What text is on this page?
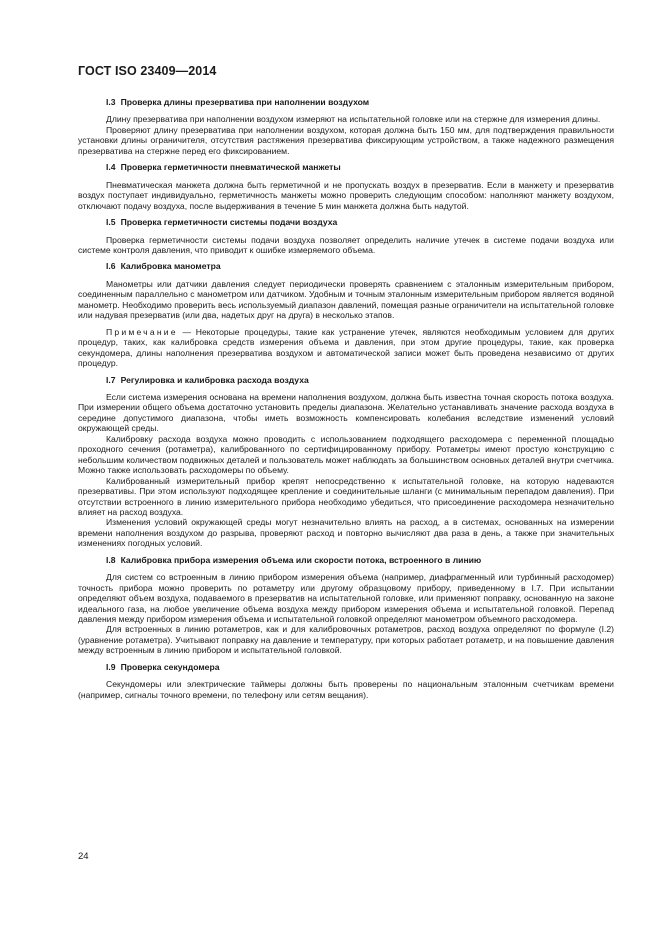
ГОСТ ISO 23409—2014
I.3 Проверка длины презерватива при наполнении воздухом

Длину презерватива при наполнении воздухом измеряют на испытательной головке или на стержне для измерения длины.

Проверяют длину презерватива при наполнении воздухом, которая должна быть 150 мм, для подтверждения правильности установки длины ограничителя, отсутствия растяжения презерватива фиксирующим устройством, а также надежного размещения презерватива на стержне перед его фиксированием.

I.4 Проверка герметичности пневматической манжеты

Пневматическая манжета должна быть герметичной и не пропускать воздух в презерватив. Если в манжету и презерватив воздух поступает индивидуально, герметичность манжеты можно проверить следующим способом: наполняют манжету воздухом, отключают подачу воздуха, после выдерживания в течение 5 мин манжета должна быть надутой.

I.5 Проверка герметичности системы подачи воздуха

Проверка герметичности системы подачи воздуха позволяет определить наличие утечек в системе подачи воздуха или системе контроля давления, что приводит к ошибке измеряемого объема.

I.6 Калибровка манометра

Манометры или датчики давления следует периодически проверять сравнением с эталонным измерительным прибором, соединенным параллельно с манометром или датчиком. Удобным и точным эталонным измерительным прибором является водяной манометр. Необходимо проверить весь используемый диапазон давлений, помещая разные ограничители на испытательной головке или надувая презерватив (или два, надетых друг на друга) в несколько этапов.

Примечание — Некоторые процедуры, такие как устранение утечек, являются необходимым условием для других процедур, таких, как калибровка средств измерения объема и давления, при этом другие процедуры, такие, как проверка секундомера, длины наполнения презерватива воздухом и автоматической записи может быть проведена независимо от других процедур.

I.7 Регулировка и калибровка расхода воздуха

Если система измерения основана на времени наполнения воздухом, должна быть известна точная скорость потока воздуха. При измерении общего объема достаточно установить пределы диапазона. Желательно устанавливать значение расхода воздуха в середине допустимого диапазона, чтобы иметь возможность компенсировать колебания вследствие изменений условий окружающей среды.

Калибровку расхода воздуха можно проводить с использованием подходящего расходомера с переменной площадью проходного сечения (ротаметра), калиброванного по сертифицированному прибору. Ротаметры имеют простую конструкцию с небольшим количеством подвижных деталей и пользователь может наблюдать за большинством основных деталей внутри счетчика. Можно также использовать расходомеры по объему.

Калиброванный измерительный прибор крепят непосредственно к испытательной головке, на которую надеваются презервативы. При этом используют подходящее крепление и соединительные шланги (с минимальным перепадом давления). При отсутствии встроенного в линию измерительного прибора необходимо убедиться, что присоединение расходомера незначительно влияет на расход воздуха.

Изменения условий окружающей среды могут незначительно влиять на расход, а в системах, основанных на измерении времени наполнения воздухом до разрыва, проверяют расход и повторно вычисляют два раза в день, а также при значительных изменениях погодных условий.

I.8 Калибровка прибора измерения объема или скорости потока, встроенного в линию

Для систем со встроенным в линию прибором измерения объема (например, диафрагменный или турбинный расходомер) точность прибора можно проверить по ротаметру или другому образцовому прибору, приведенному в I.7. При испытании определяют объем воздуха, подаваемого в презерватив на испытательной головке, или применяют поправку, основанную на законе идеального газа, на любое увеличение объема воздуха между прибором измерения объема и испытательной головкой. Перепад давления между прибором измерения объема и испытательной головкой определяют манометром объемного расходомера.

Для встроенных в линию ротаметров, как и для калибровочных ротаметров, расход воздуха определяют по формуле (I.2) (уравнение ротаметра). Учитывают поправку на давление и температуру, при которых работает ротаметр, и на повышение давления между встроенным в линию прибором и испытательной головкой.

I.9 Проверка секундомера

Секундомеры или электрические таймеры должны быть проверены по национальным эталонным счетчикам времени (например, сигналы точного времени, по телефону или сетям вещания).

24
